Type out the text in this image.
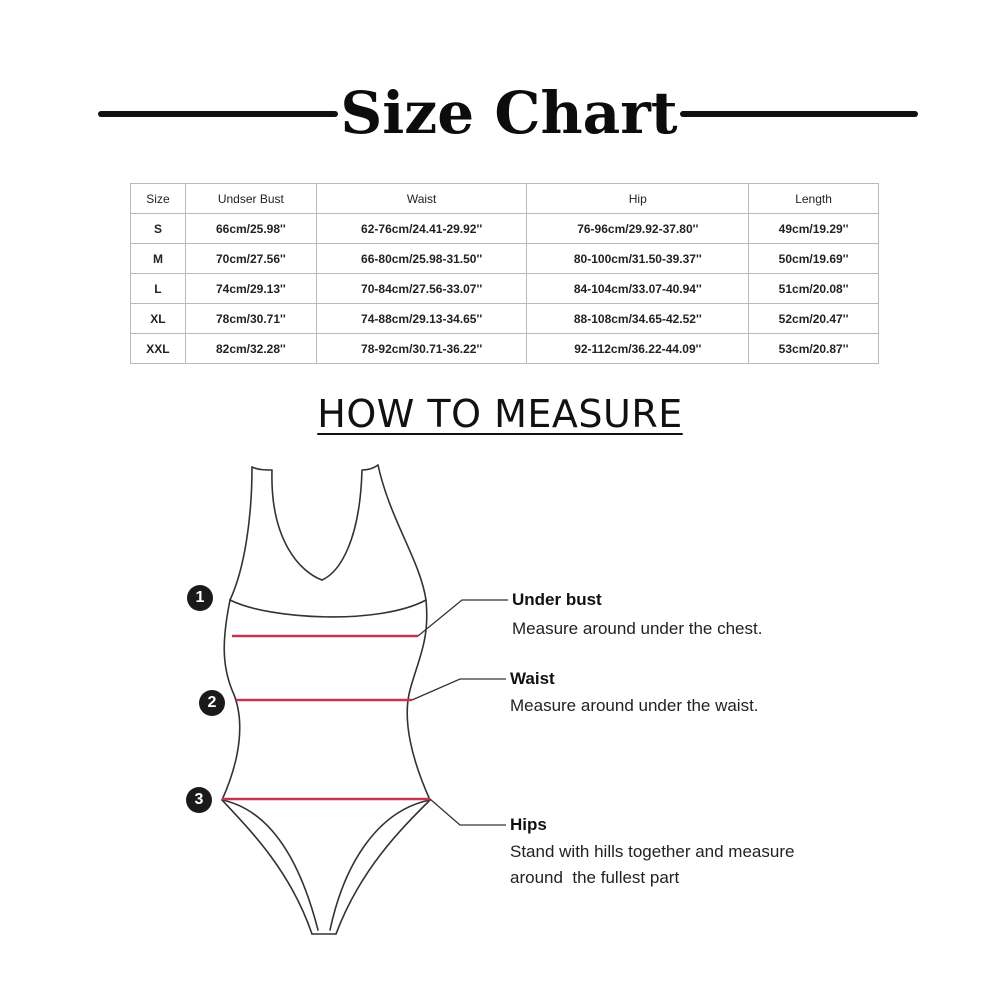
Size Chart
Size	Undser Bust	Waist	Hip	Length
S	66cm/25.98''	62-76cm/24.41-29.92''	76-96cm/29.92-37.80''	49cm/19.29''
M	70cm/27.56''	66-80cm/25.98-31.50''	80-100cm/31.50-39.37''	50cm/19.69''
L	74cm/29.13''	70-84cm/27.56-33.07''	84-104cm/33.07-40.94''	51cm/20.08''
XL	78cm/30.71''	74-88cm/29.13-34.65''	88-108cm/34.65-42.52''	52cm/20.47''
XXL	82cm/32.28''	78-92cm/30.71-36.22''	92-112cm/36.22-44.09''	53cm/20.87''
HOW TO MEASURE
1
2
3
Under bust
Measure around under the chest.
Waist
Measure around under the waist.
Hips
Stand with hills together and measure
around  the fullest part
